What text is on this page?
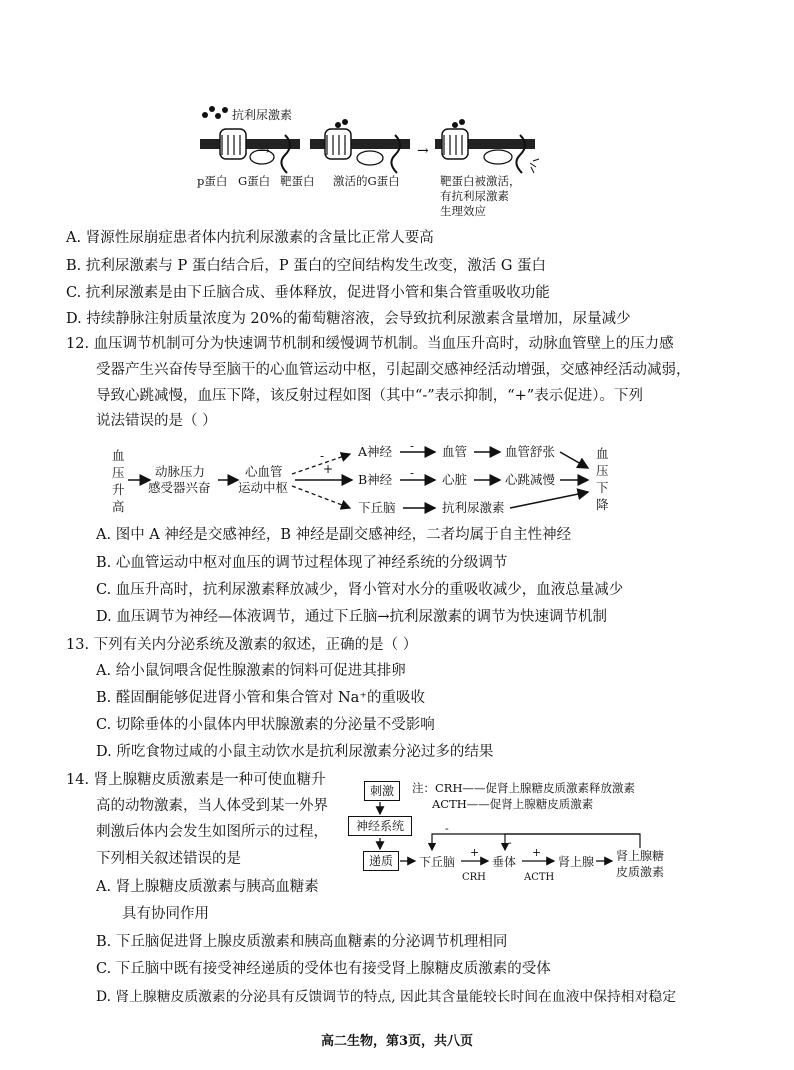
抗利尿激素
→	→
p蛋白 G蛋白 靶蛋白 激活的G蛋白	靶蛋白被激活，
有抗利尿激素
生理效应
A. 肾源性尿崩症患者体内抗利尿激素的含量比正常人要高
B. 抗利尿激素与 P 蛋白结合后，P 蛋白的空间结构发生改变，激活 G 蛋白
C. 抗利尿激素是由下丘脑合成、垂体释放，促进肾小管和集合管重吸收功能
D. 持续静脉注射质量浓度为 20%的葡萄糖溶液，会导致抗利尿激素含量增加，尿量减少
12. 血压调节机制可分为快速调节机制和缓慢调节机制。当血压升高时，动脉血管壁上的压力感
受器产生兴奋传导至脑干的心血管运动中枢，引起副交感神经活动增强，交感神经活动减弱，
导致心跳减慢，血压下降，该反射过程如图（其中“-”表示抑制，“+”表示促进）。下列
说法错误的是（ ）
血
压
升
高
动脉压力
感受器兴奋
心血管
运动中枢
-
+
A神经
B神经
下丘脑
-
-
血管
心脏
抗利尿激素
血管舒张
心跳减慢
血
压
下
降
A. 图中 A 神经是交感神经，B 神经是副交感神经，二者均属于自主性神经
B. 心血管运动中枢对血压的调节过程体现了神经系统的分级调节
C. 血压升高时，抗利尿激素释放减少，肾小管对水分的重吸收减少，血液总量减少
D. 血压调节为神经—体液调节，通过下丘脑→抗利尿激素的调节为快速调节机制
13. 下列有关内分泌系统及激素的叙述，正确的是（ ）
A. 给小鼠饲喂含促性腺激素的饲料可促进其排卵
B. 醛固酮能够促进肾小管和集合管对 Na⁺的重吸收
C. 切除垂体的小鼠体内甲状腺激素的分泌量不受影响
D. 所吃食物过咸的小鼠主动饮水是抗利尿激素分泌过多的结果
14. 肾上腺糖皮质激素是一种可使血糖升
高的动物激素，当人体受到某一外界
刺激后体内会发生如图所示的过程，
下列相关叙述错误的是
A. 肾上腺糖皮质激素与胰高血糖素
具有协同作用
刺激	注：CRH——促肾上腺糖皮质激素释放激素
ACTH——促肾上腺糖皮质激素
神经系统
递质	下丘脑
+
CRH
垂体
+
ACTH
肾上腺 肾上腺糖
皮质激素
-
-
B. 下丘脑促进肾上腺皮质激素和胰高血糖素的分泌调节机理相同
C. 下丘脑中既有接受神经递质的受体也有接受肾上腺糖皮质激素的受体
D. 肾上腺糖皮质激素的分泌具有反馈调节的特点, 因此其含量能较长时间在血液中保持相对稳定
高二生物，第3页，共八页
